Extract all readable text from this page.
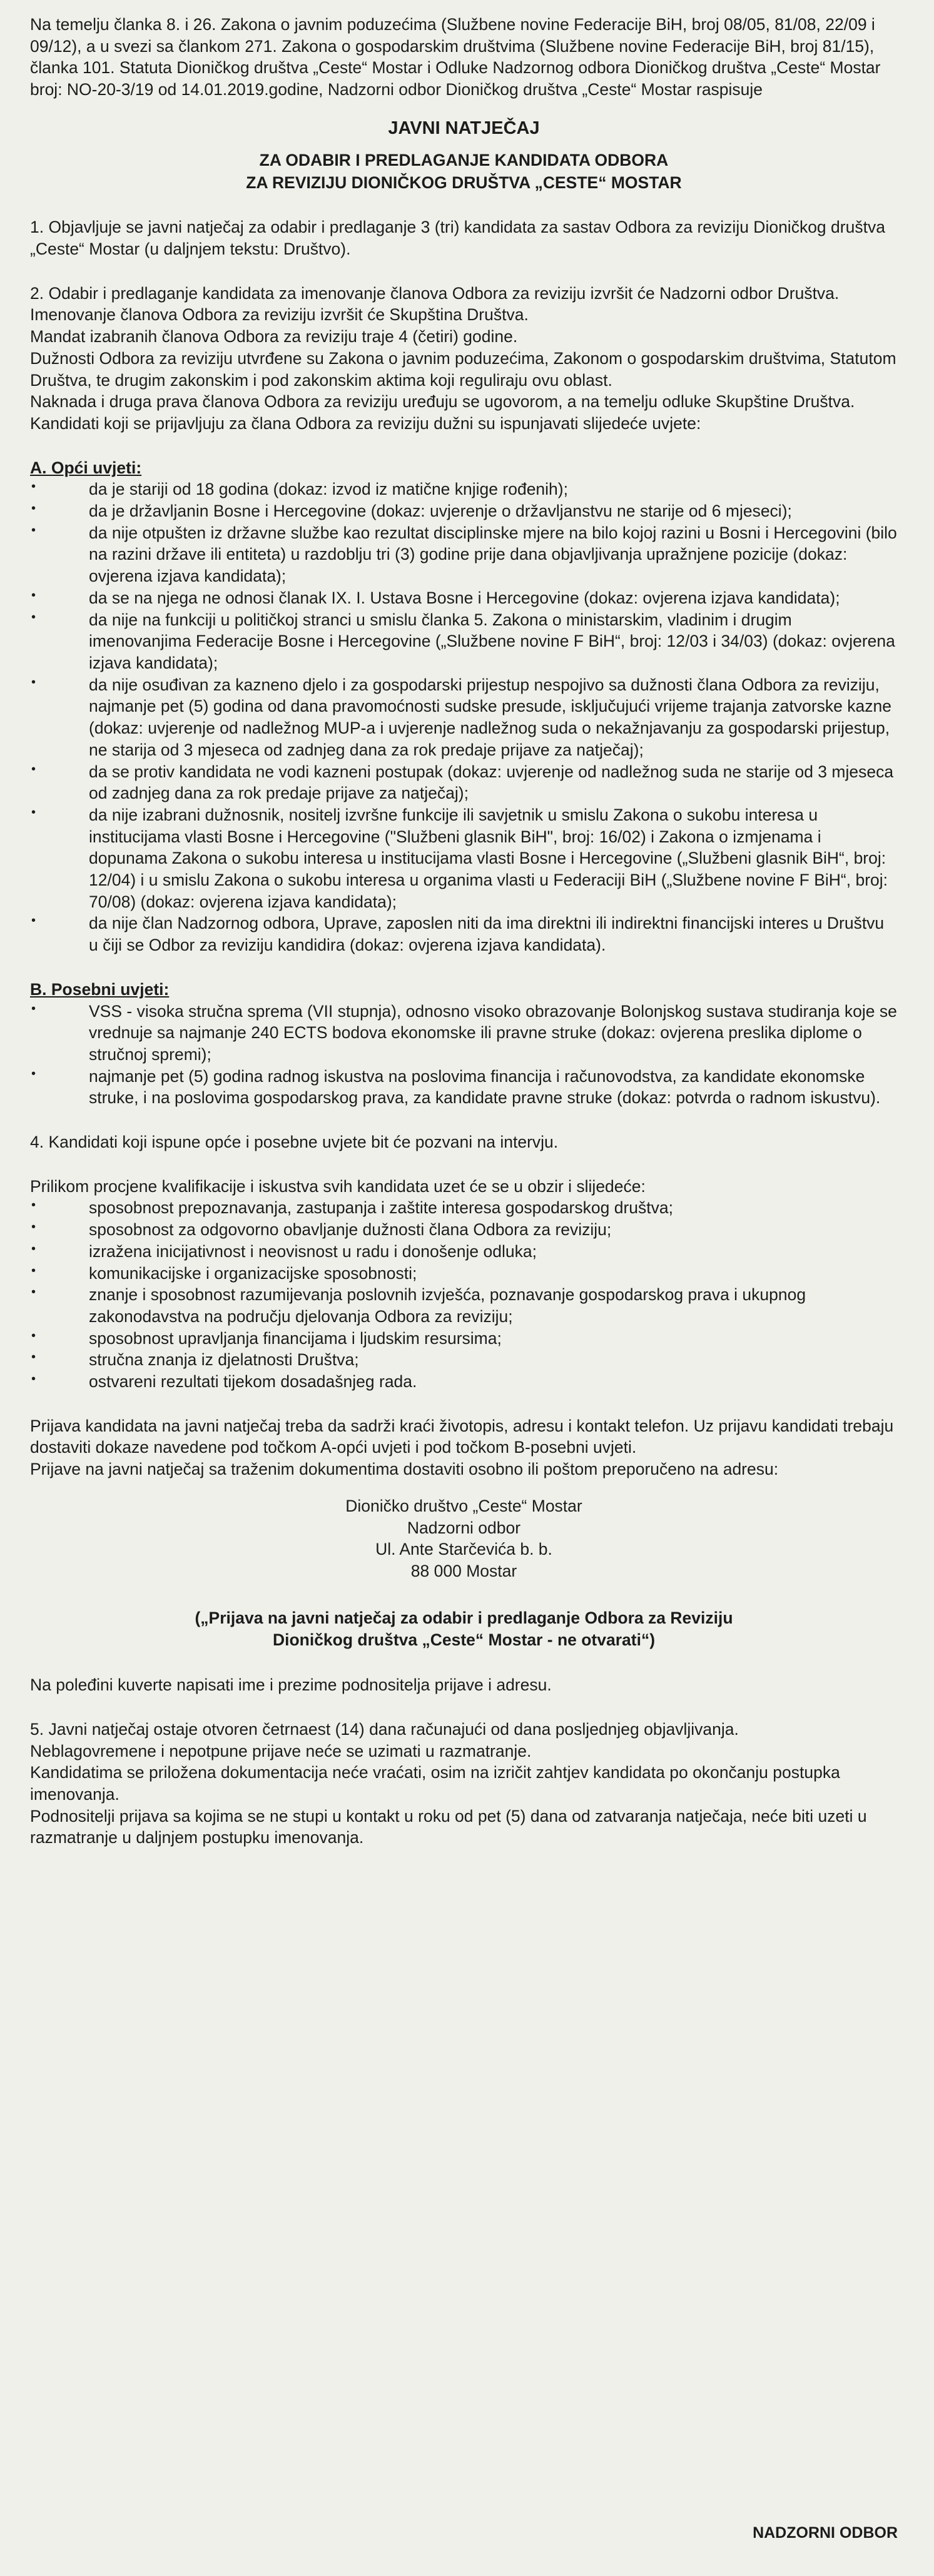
Na temelju članka 8. i 26. Zakona o javnim poduzećima (Službene novine Federacije BiH, broj 08/05, 81/08, 22/09 i 09/12), a u svezi sa člankom 271. Zakona o gospodarskim društvima (Službene novine Federacije BiH, broj 81/15), članka 101. Statuta Dioničkog društva „Ceste“ Mostar i Odluke Nadzornog odbora Dioničkog društva „Ceste“ Mostar broj: NO-20-3/19 od 14.01.2019.godine, Nadzorni odbor Dioničkog društva „Ceste“ Mostar raspisuje

JAVNI NATJEČAJ
ZA ODABIR I PREDLAGANJE KANDIDATA ODBORA
ZA REVIZIJU DIONIČKOG DRUŠTVA „CESTE“ MOSTAR

1. Objavljuje se javni natječaj za odabir i predlaganje 3 (tri) kandidata za sastav Odbora za reviziju Dioničkog društva „Ceste“ Mostar (u daljnjem tekstu: Društvo).

2. Odabir i predlaganje kandidata za imenovanje članova Odbora za reviziju izvršit će Nadzorni odbor Društva.

Imenovanje članova Odbora za reviziju izvršit će Skupština Društva.

Mandat izabranih članova Odbora za reviziju traje 4 (četiri) godine.

Dužnosti Odbora za reviziju utvrđene su Zakona o javnim poduzećima, Zakonom o gospodarskim društvima, Statutom Društva, te drugim zakonskim i pod zakonskim aktima koji reguliraju ovu oblast.

Naknada i druga prava članova Odbora za reviziju uređuju se ugovorom, a na temelju odluke Skupštine Društva.

Kandidati koji se prijavljuju za člana Odbora za reviziju dužni su ispunjavati slijedeće uvjete:

A. Opći uvjeti:

• da je stariji od 18 godina (dokaz: izvod iz matične knjige rođenih);
• da je državljanin Bosne i Hercegovine (dokaz: uvjerenje o državljanstvu ne starije od 6 mjeseci);
• da nije otpušten iz državne službe kao rezultat disciplinske mjere na bilo kojoj razini u Bosni i Hercegovini (bilo na razini države ili entiteta) u razdoblju tri (3) godine prije dana objavljivanja upražnjene pozicije (dokaz: ovjerena izjava kandidata);
• da se na njega ne odnosi članak IX. I. Ustava Bosne i Hercegovine (dokaz: ovjerena izjava kandidata);
• da nije na funkciji u političkoj stranci u smislu članka 5. Zakona o ministarskim, vladinim i drugim imenovanjima Federacije Bosne i Hercegovine („Službene novine F BiH“, broj: 12/03 i 34/03) (dokaz: ovjerena izjava kandidata);
• da nije osuđivan za kazneno djelo i za gospodarski prijestup nespojivo sa dužnosti člana Odbora za reviziju, najmanje pet (5) godina od dana pravomoćnosti sudske presude, isključujući vrijeme trajanja zatvorske kazne (dokaz: uvjerenje od nadležnog MUP-a i uvjerenje nadležnog suda o nekažnjavanju za gospodarski prijestup, ne starija od 3 mjeseca od zadnjeg dana za rok predaje prijave za natječaj);
• da se protiv kandidata ne vodi kazneni postupak (dokaz: uvjerenje od nadležnog suda ne starije od 3 mjeseca od zadnjeg dana za rok predaje prijave za natječaj);
• da nije izabrani dužnosnik, nositelj izvršne funkcije ili savjetnik u smislu Zakona o sukobu interesa u institucijama vlasti Bosne i Hercegovine ("Službeni glasnik BiH", broj: 16/02) i Zakona o izmjenama i dopunama Zakona o sukobu interesa u institucijama vlasti Bosne i Hercegovine („Službeni glasnik BiH“, broj: 12/04) i u smislu Zakona o sukobu interesa u organima vlasti u Federaciji BiH („Službene novine F BiH“, broj: 70/08) (dokaz: ovjerena izjava kandidata);
• da nije član Nadzornog odbora, Uprave, zaposlen niti da ima direktni ili indirektni financijski interes u Društvu u čiji se Odbor za reviziju kandidira (dokaz: ovjerena izjava kandidata).

B. Posebni uvjeti:

• VSS - visoka stručna sprema (VII stupnja), odnosno visoko obrazovanje Bolonjskog sustava studiranja koje se vrednuje sa najmanje 240 ECTS bodova ekonomske ili pravne struke (dokaz: ovjerena preslika diplome o stručnoj spremi);
• najmanje pet (5) godina radnog iskustva na poslovima financija i računovodstva, za kandidate ekonomske struke, i na poslovima gospodarskog prava, za kandidate pravne struke (dokaz: potvrda o radnom iskustvu).

4. Kandidati koji ispune opće i posebne uvjete bit će pozvani na intervju.

Prilikom procjene kvalifikacije i iskustva svih kandidata uzet će se u obzir i slijedeće:

• sposobnost prepoznavanja, zastupanja i zaštite interesa gospodarskog društva;
• sposobnost za odgovorno obavljanje dužnosti člana Odbora za reviziju;
• izražena inicijativnost i neovisnost u radu i donošenje odluka;
• komunikacijske i organizacijske sposobnosti;
• znanje i sposobnost razumijevanja poslovnih izvješća, poznavanje gospodarskog prava i ukupnog zakonodavstva na području djelovanja Odbora za reviziju;
• sposobnost upravljanja financijama i ljudskim resursima;
• stručna znanja iz djelatnosti Društva;
• ostvareni rezultati tijekom dosadašnjeg rada.

Prijava kandidata na javni natječaj treba da sadrži kraći životopis, adresu i kontakt telefon. Uz prijavu kandidati trebaju dostaviti dokaze navedene pod točkom A-opći uvjeti i pod točkom B-posebni uvjeti.

Prijave na javni natječaj sa traženim dokumentima dostaviti osobno ili poštom preporučeno na adresu:

Dioničko društvo „Ceste“ Mostar
Nadzorni odbor
Ul. Ante Starčevića b. b.
88 000 Mostar
(„Prijava na javni natječaj za odabir i predlaganje Odbora za Reviziju
Dioničkog društva „Ceste“ Mostar - ne otvarati“)

Na poleđini kuverte napisati ime i prezime podnositelja prijave i adresu.

5. Javni natječaj ostaje otvoren četrnaest (14) dana računajući od dana posljednjeg objavljivanja.

Neblagovremene i nepotpune prijave neće se uzimati u razmatranje.

Kandidatima se priložena dokumentacija neće vraćati, osim na izričit zahtjev kandidata po okončanju postupka imenovanja.

Podnositelji prijava sa kojima se ne stupi u kontakt u roku od pet (5) dana od zatvaranja natječaja, neće biti uzeti u razmatranje u daljnjem postupku imenovanja.

NADZORNI ODBOR
